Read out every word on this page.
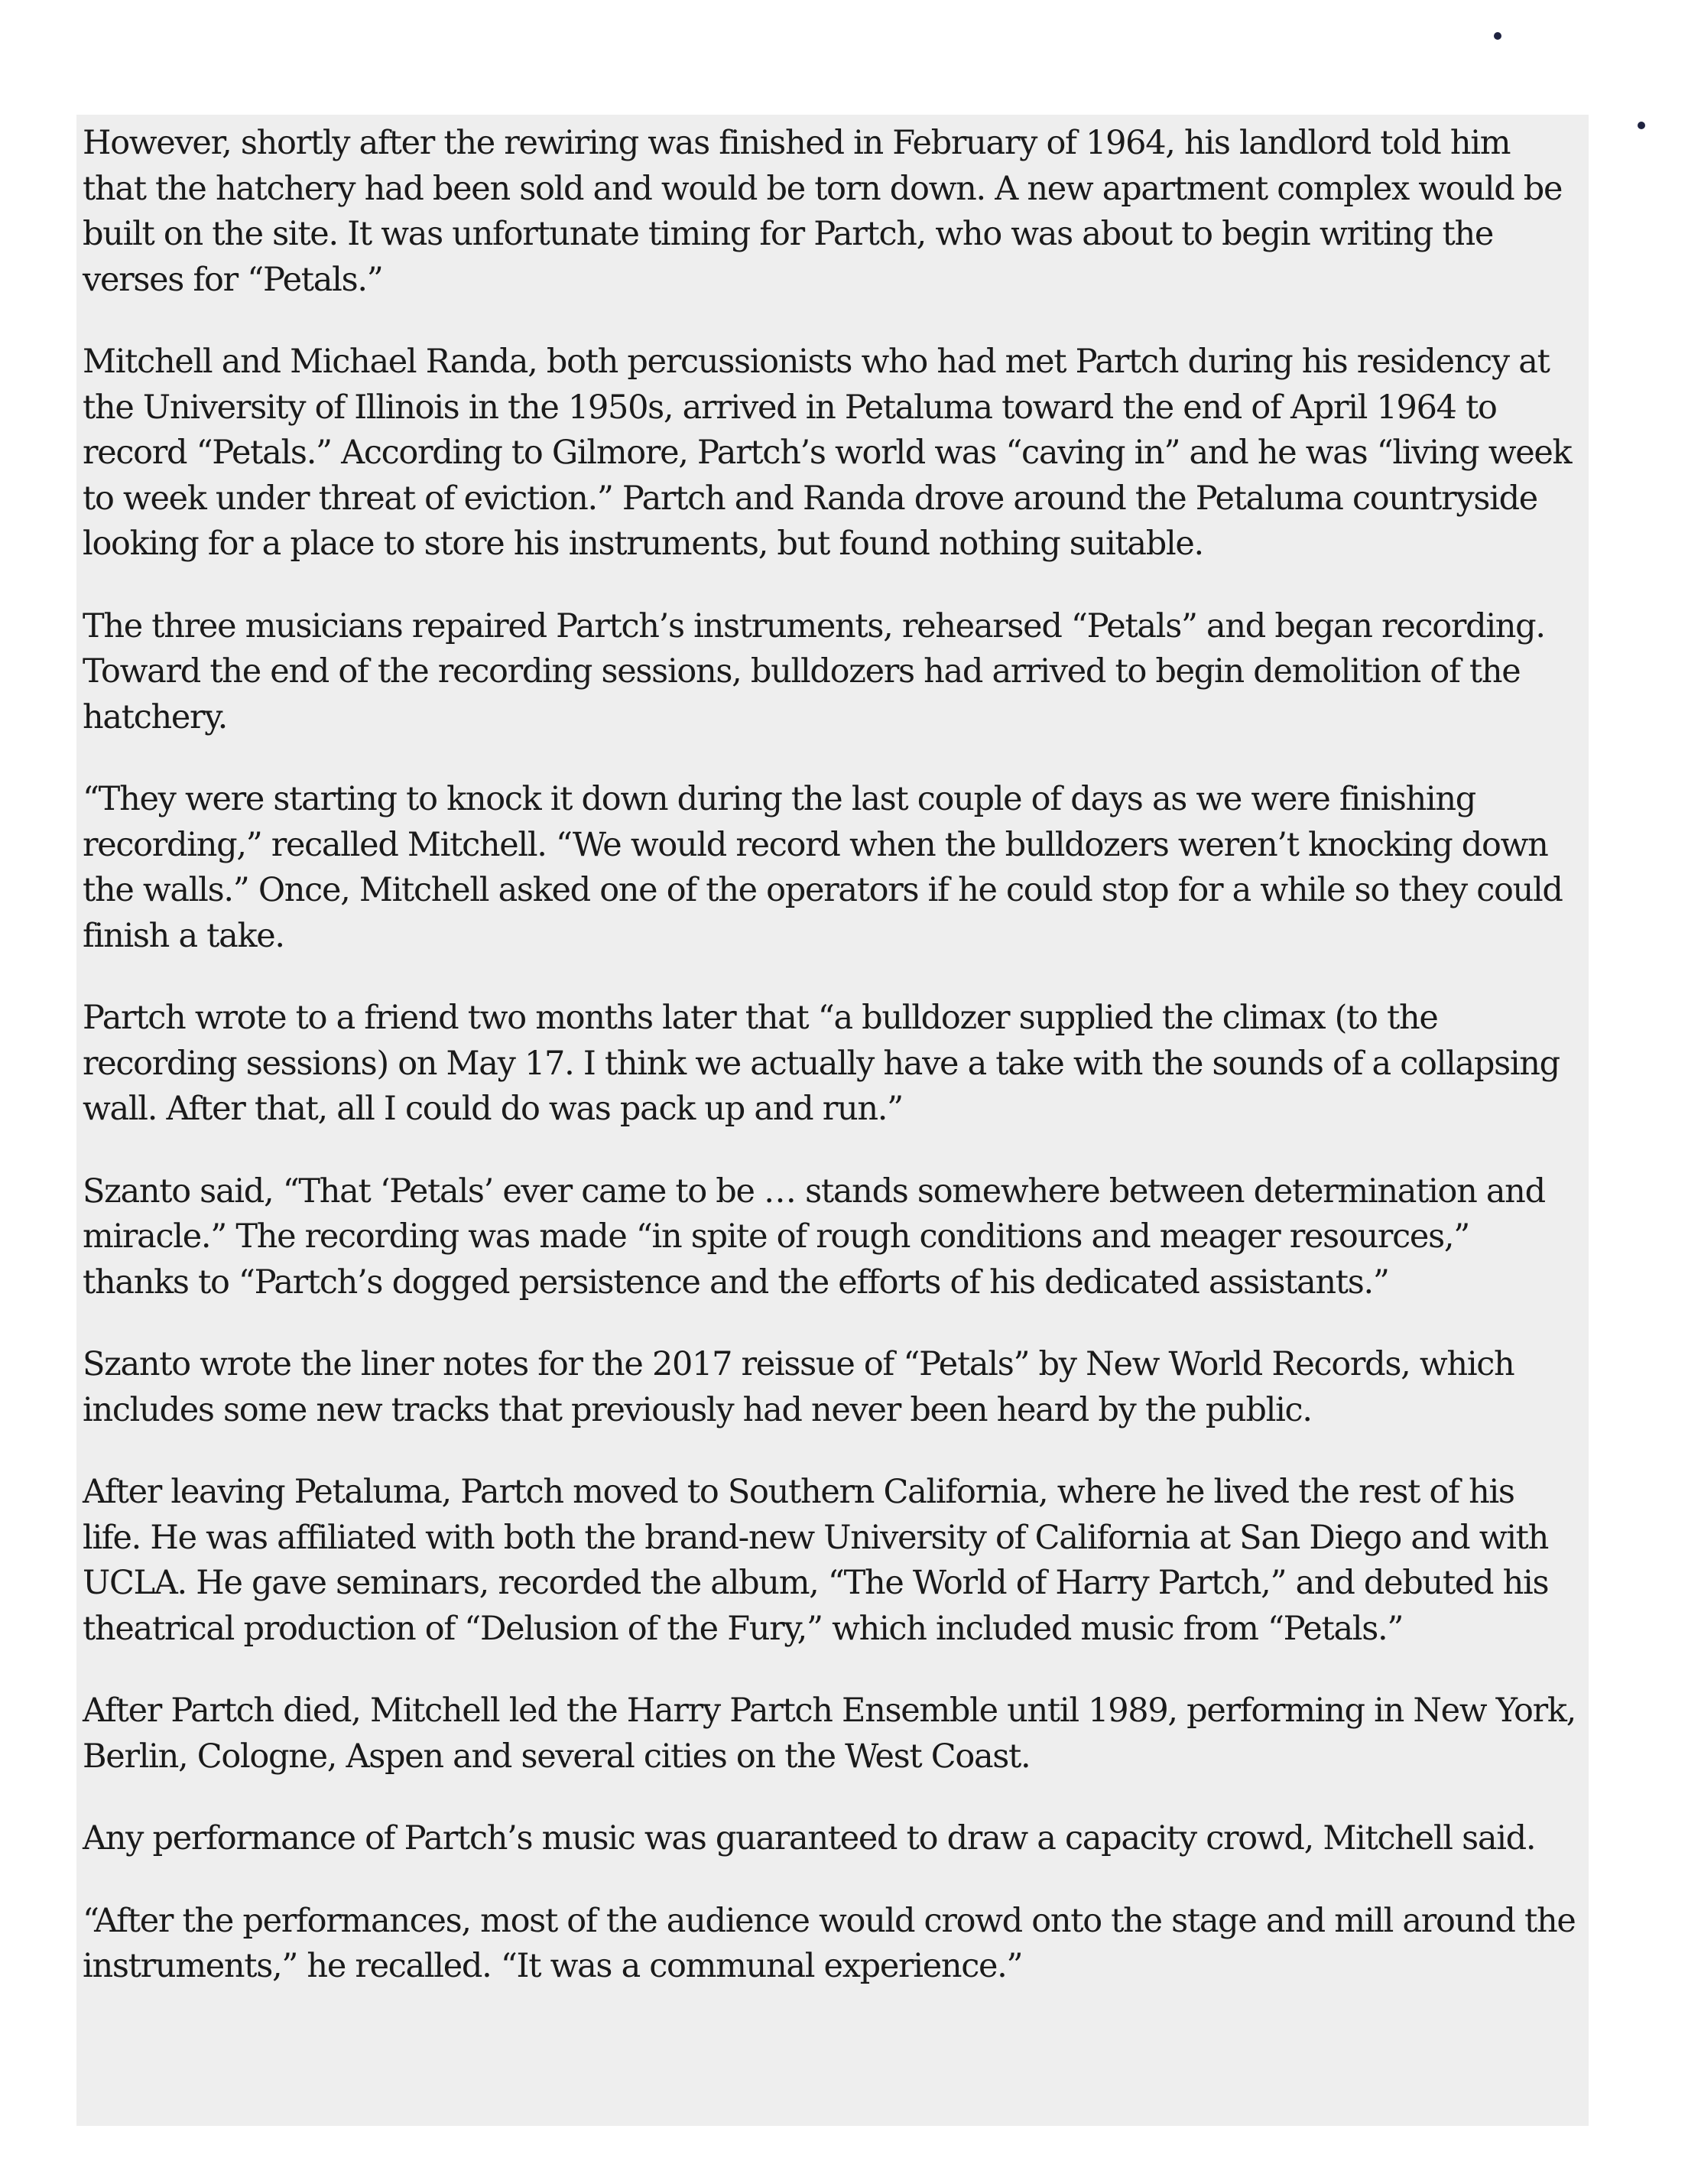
However, shortly after the rewiring was finished in February of 1964, his landlord told him that the hatchery had been sold and would be torn down. A new apartment complex would be built on the site. It was unfortunate timing for Partch, who was about to begin writing the verses for “Petals.”

Mitchell and Michael Randa, both percussionists who had met Partch during his residency at the University of Illinois in the 1950s, arrived in Petaluma toward the end of April 1964 to record “Petals.” According to Gilmore, Partch’s world was “caving in” and he was “living week to week under threat of eviction.” Partch and Randa drove around the Petaluma countryside looking for a place to store his instruments, but found nothing suitable.

The three musicians repaired Partch’s instruments, rehearsed “Petals” and began recording. Toward the end of the recording sessions, bulldozers had arrived to begin demolition of the hatchery.

“They were starting to knock it down during the last couple of days as we were finishing recording,” recalled Mitchell. “We would record when the bulldozers weren’t knocking down the walls.” Once, Mitchell asked one of the operators if he could stop for a while so they could finish a take.

Partch wrote to a friend two months later that “a bulldozer supplied the climax (to the recording sessions) on May 17. I think we actually have a take with the sounds of a collapsing wall. After that, all I could do was pack up and run.”

Szanto said, “That ‘Petals’ ever came to be … stands somewhere between determination and miracle.” The recording was made “in spite of rough conditions and meager resources,” thanks to “Partch’s dogged persistence and the efforts of his dedicated assistants.”

Szanto wrote the liner notes for the 2017 reissue of “Petals” by New World Records, which includes some new tracks that previously had never been heard by the public.

After leaving Petaluma, Partch moved to Southern California, where he lived the rest of his life. He was affiliated with both the brand-new University of California at San Diego and with UCLA. He gave seminars, recorded the album, “The World of Harry Partch,” and debuted his theatrical production of “Delusion of the Fury,” which included music from “Petals.”

After Partch died, Mitchell led the Harry Partch Ensemble until 1989, performing in New York, Berlin, Cologne, Aspen and several cities on the West Coast.

Any performance of Partch’s music was guaranteed to draw a capacity crowd, Mitchell said.

“After the performances, most of the audience would crowd onto the stage and mill around the instruments,” he recalled. “It was a communal experience.”
